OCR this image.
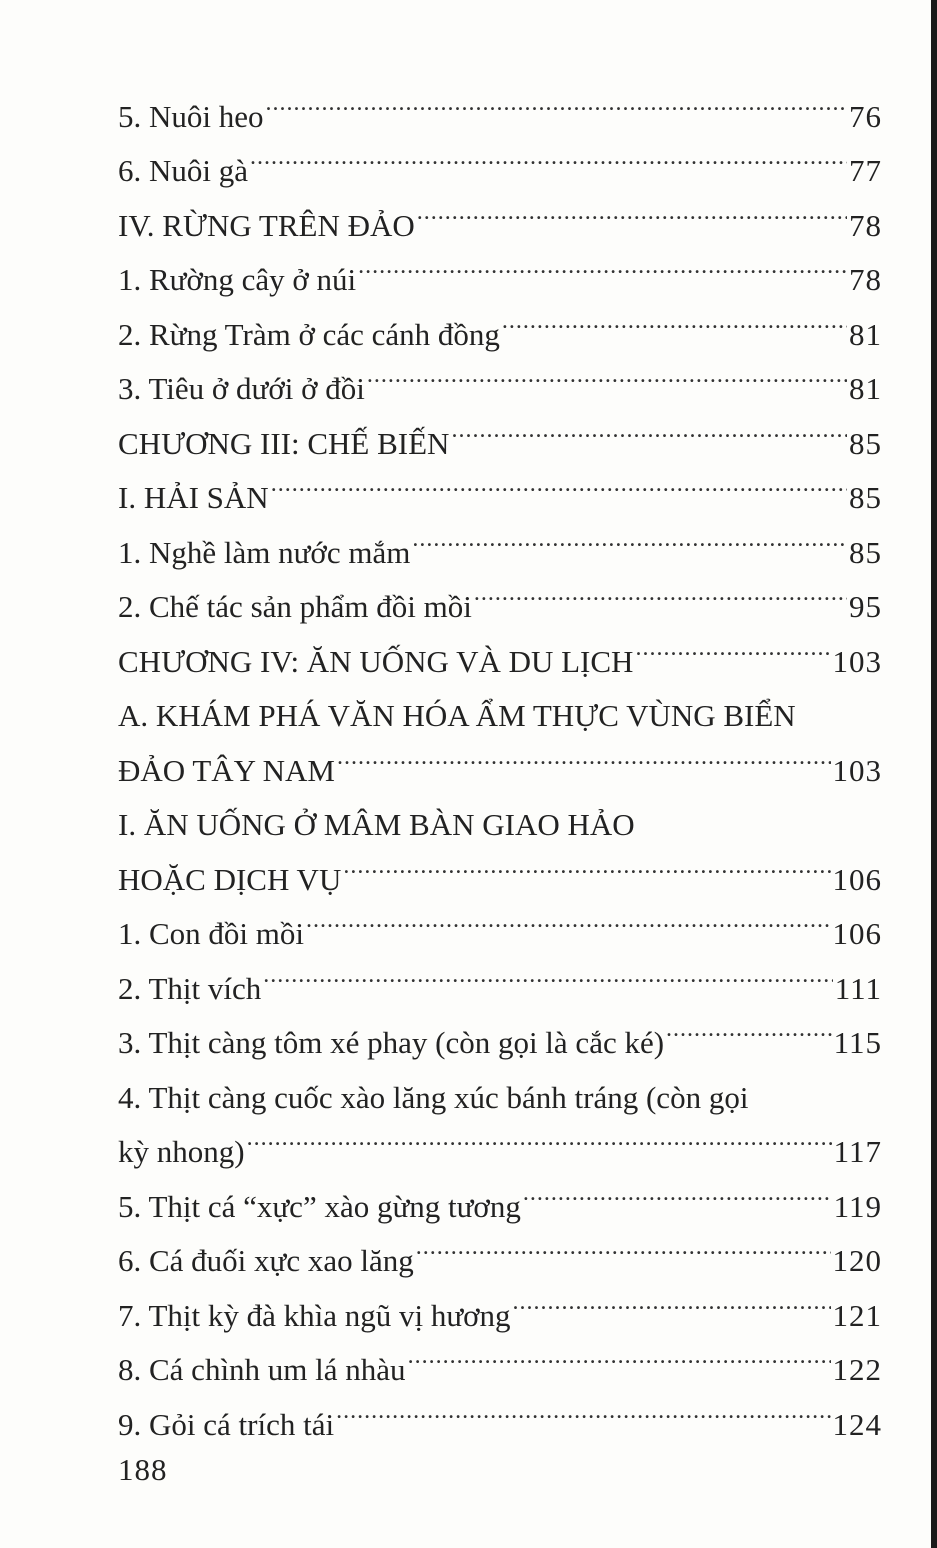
5. Nuôi heo .....	76
6. Nuôi gà .....	77
IV. RỪNG TRÊN ĐẢO .....	78
1. Rường cây ở núi .....	78
2. Rừng Tràm ở các cánh đồng .....	81
3. Tiêu ở dưới ở đồi .....	81
CHƯƠNG III: CHẾ BIẾN .....	85
I. HẢI SẢN .....	85
1. Nghề làm nước mắm .....	85
2. Chế tác sản phẩm đồi mồi .....	95
CHƯƠNG IV: ĂN UỐNG VÀ DU LỊCH .....	103
A. KHÁM PHÁ VĂN HÓA ẨM THỰC VÙNG BIỂN
ĐẢO TÂY NAM .....	103
I. ĂN UỐNG Ở MÂM BÀN GIAO HẢO
HOẶC DỊCH VỤ .....	106
1. Con đồi mồi .....	106
2. Thịt vích .....	111
3. Thịt càng tôm xé phay (còn gọi là cắc ké) .....	115
4. Thịt càng cuốc xào lăng xúc bánh tráng (còn gọi
kỳ nhong) .....	117
5. Thịt cá “xực” xào gừng tương .....	119
6. Cá đuối xực xao lăng .....	120
7. Thịt kỳ đà khìa ngũ vị hương .....	121
8. Cá chình um lá nhàu .....	122
9. Gỏi cá trích tái .....	124
188
